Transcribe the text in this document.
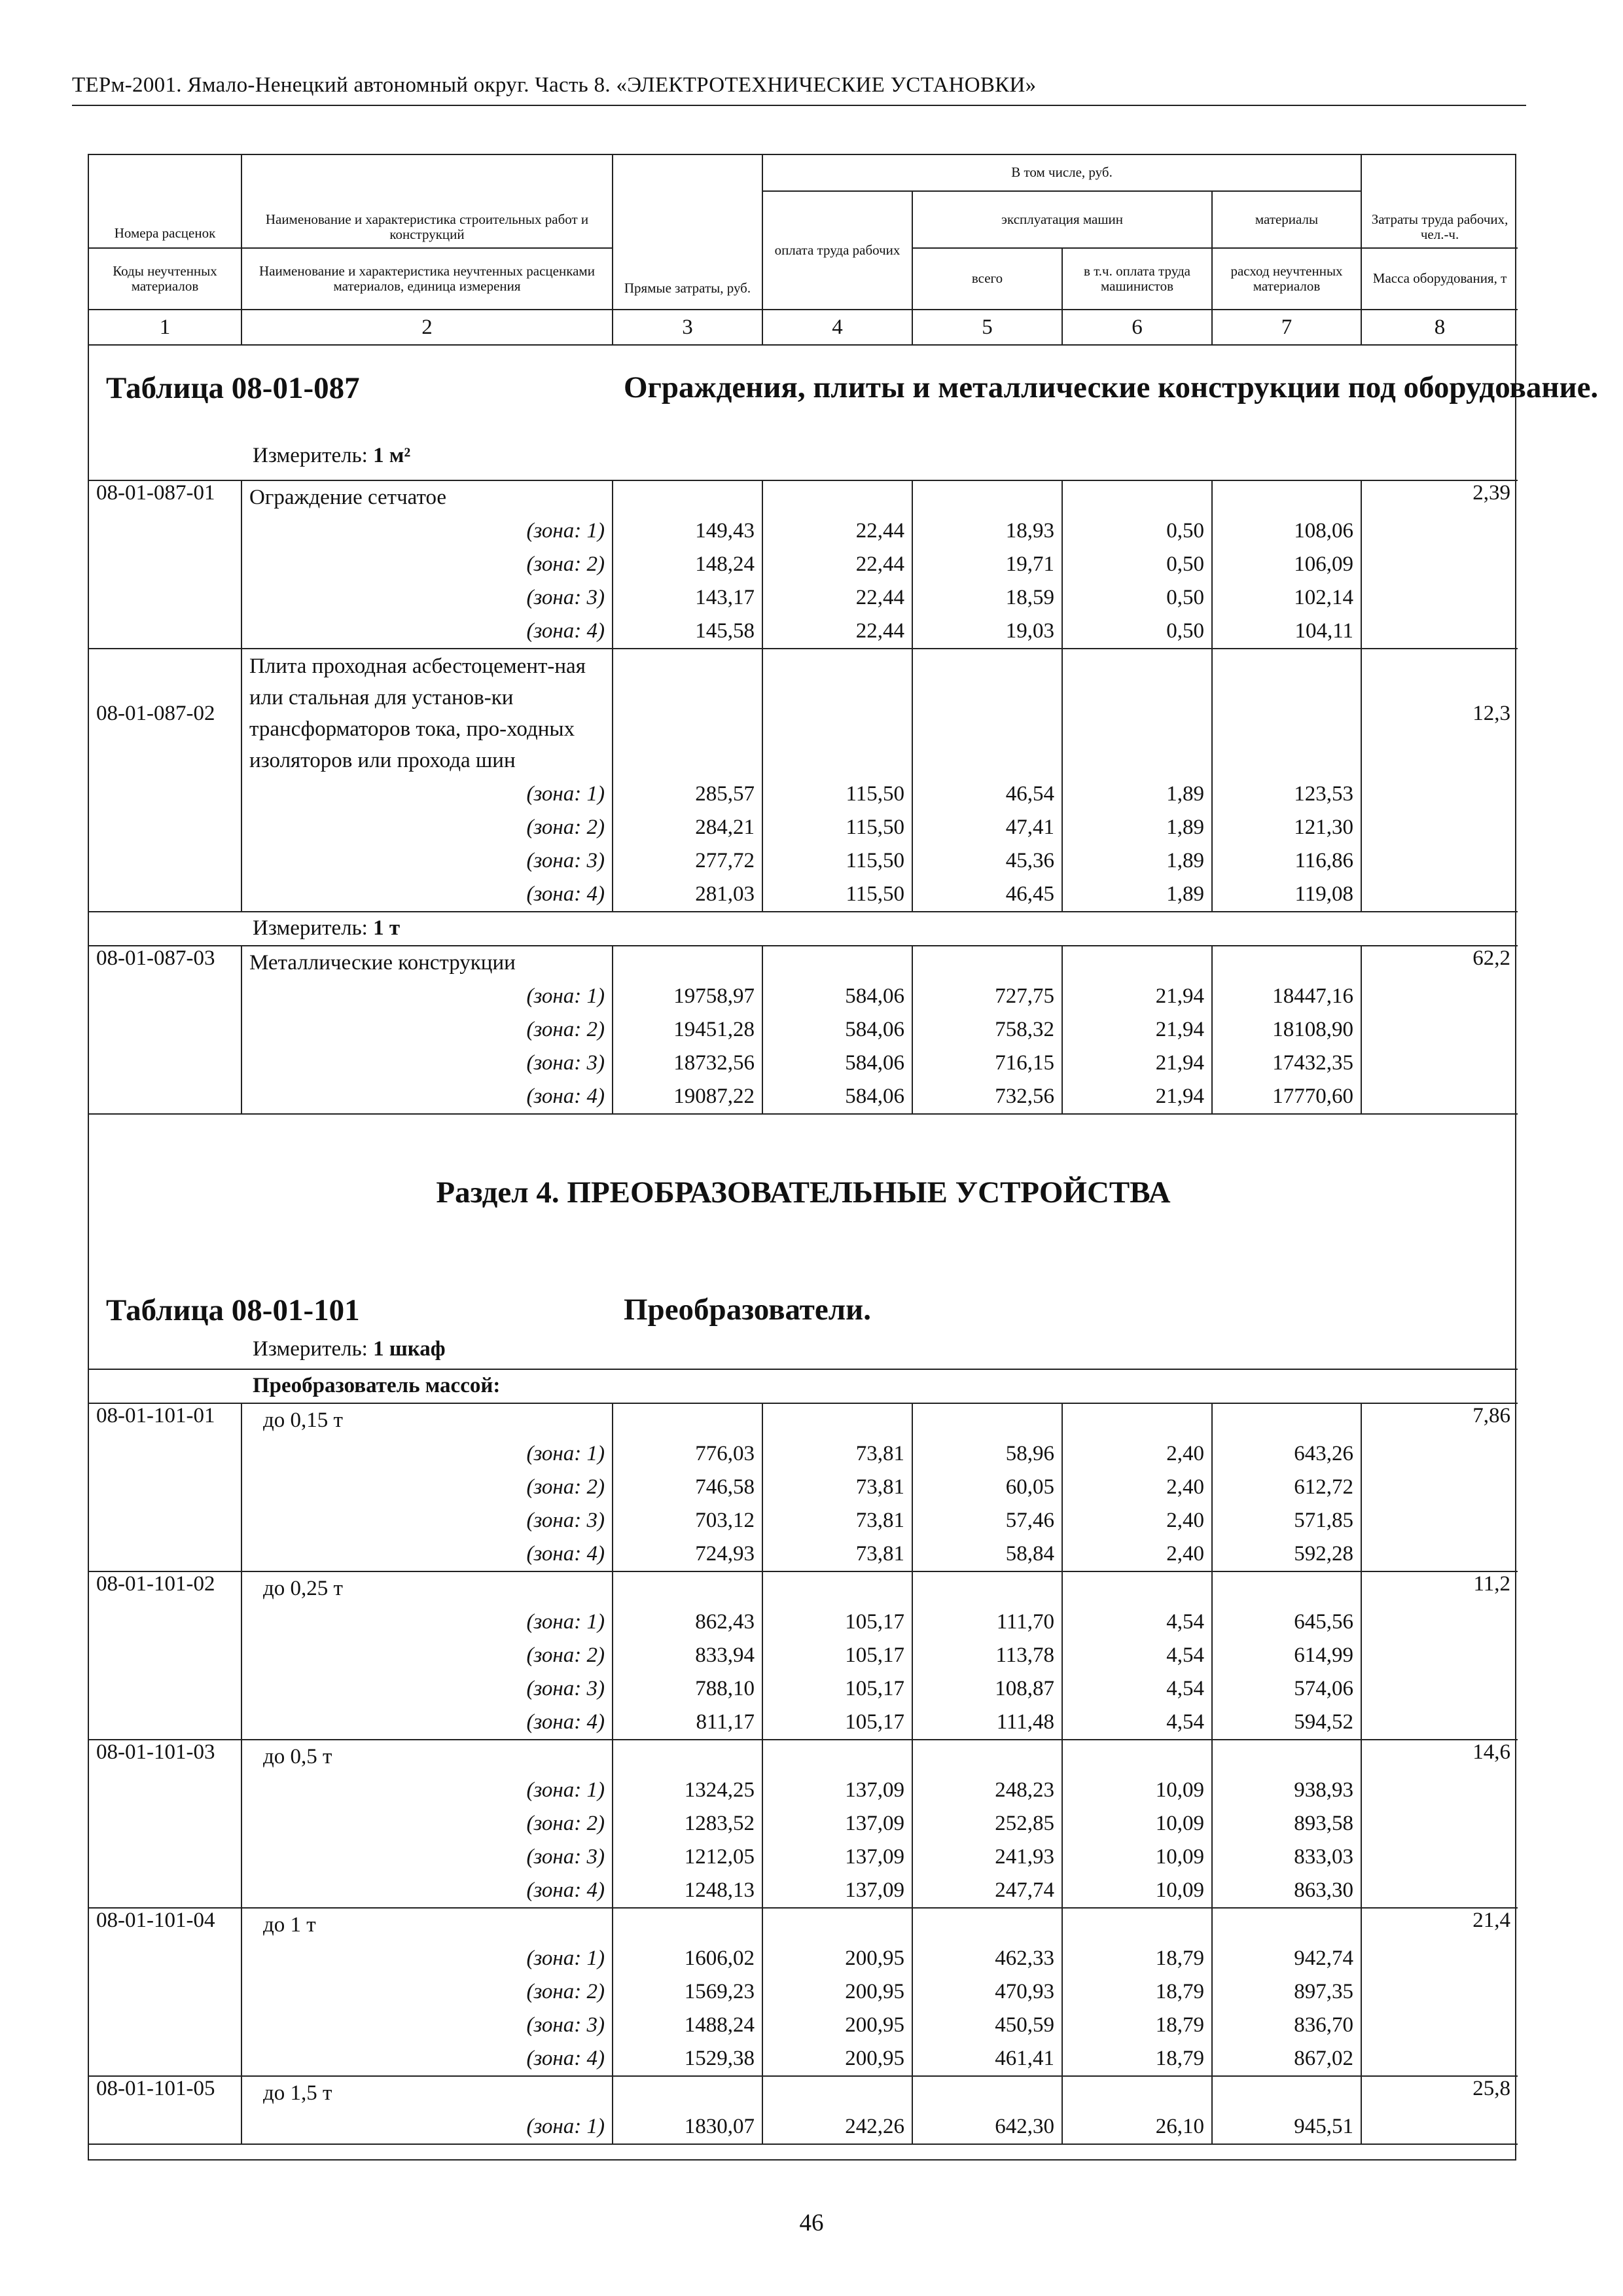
ТЕРм-2001. Ямало-Ненецкий автономный округ. Часть 8. «ЭЛЕКТРОТЕХНИЧЕСКИЕ УСТАНОВКИ»
Номера расценок	Наименование и характеристика строительных работ и конструкций	Прямые затраты, руб.	В том числе, руб.				Затраты труда рабочих, чел.-ч.
			оплата труда рабочих	эксплуатация машин		материалы	
Коды неучтенных материалов	Наименование и характеристика неучтенных расценками материалов, единица измерения			всего	в т.ч. оплата труда машинистов	расход неучтенных материалов	Масса оборудования, т
1	2	3	4	5	6	7	8

Таблица 08-01-087 Ограждения, плиты и металлические конструкции под оборудование.
Измеритель: 1 м²							

08-01-087-01	Ограждение сетчатое						2,39
	(зона: 1)	149,43	22,44	18,93	0,50	108,06	
	(зона: 2)	148,24	22,44	19,71	0,50	106,09	
	(зона: 3)	143,17	22,44	18,59	0,50	102,14	
	(зона: 4)	145,58	22,44	19,03	0,50	104,11	
08-01-087-02	Плита проходная асбестоцемент-ная или стальная для установ-ки трансформаторов тока, про-ходных изоляторов или прохода шин						12,3
	(зона: 1)	285,57	115,50	46,54	1,89	123,53	
	(зона: 2)	284,21	115,50	47,41	1,89	121,30	
	(зона: 3)	277,72	115,50	45,36	1,89	116,86	
	(зона: 4)	281,03	115,50	46,45	1,89	119,08	

Измеритель: 1 т							

08-01-087-03	Металлические конструкции						62,2
	(зона: 1)	19758,97	584,06	727,75	21,94	18447,16	
	(зона: 2)	19451,28	584,06	758,32	21,94	18108,90	
	(зона: 3)	18732,56	584,06	716,15	21,94	17432,35	
	(зона: 4)	19087,22	584,06	732,56	21,94	17770,60	

Раздел 4. ПРЕОБРАЗОВАТЕЛЬНЫЕ УСТРОЙСТВА
Таблица 08-01-101 Преобразователи.
Измеритель: 1 шкаф							

Преобразователь массой:							

08-01-101-01	до 0,15 т						7,86
	(зона: 1)	776,03	73,81	58,96	2,40	643,26	
	(зона: 2)	746,58	73,81	60,05	2,40	612,72	
	(зона: 3)	703,12	73,81	57,46	2,40	571,85	
	(зона: 4)	724,93	73,81	58,84	2,40	592,28	
08-01-101-02	до 0,25 т						11,2
	(зона: 1)	862,43	105,17	111,70	4,54	645,56	
	(зона: 2)	833,94	105,17	113,78	4,54	614,99	
	(зона: 3)	788,10	105,17	108,87	4,54	574,06	
	(зона: 4)	811,17	105,17	111,48	4,54	594,52	
08-01-101-03	до 0,5 т						14,6
	(зона: 1)	1324,25	137,09	248,23	10,09	938,93	
	(зона: 2)	1283,52	137,09	252,85	10,09	893,58	
	(зона: 3)	1212,05	137,09	241,93	10,09	833,03	
	(зона: 4)	1248,13	137,09	247,74	10,09	863,30	
08-01-101-04	до 1 т						21,4
	(зона: 1)	1606,02	200,95	462,33	18,79	942,74	
	(зона: 2)	1569,23	200,95	470,93	18,79	897,35	
	(зона: 3)	1488,24	200,95	450,59	18,79	836,70	
	(зона: 4)	1529,38	200,95	461,41	18,79	867,02	
08-01-101-05	до 1,5 т						25,8
	(зона: 1)	1830,07	242,26	642,30	26,10	945,51	

46
